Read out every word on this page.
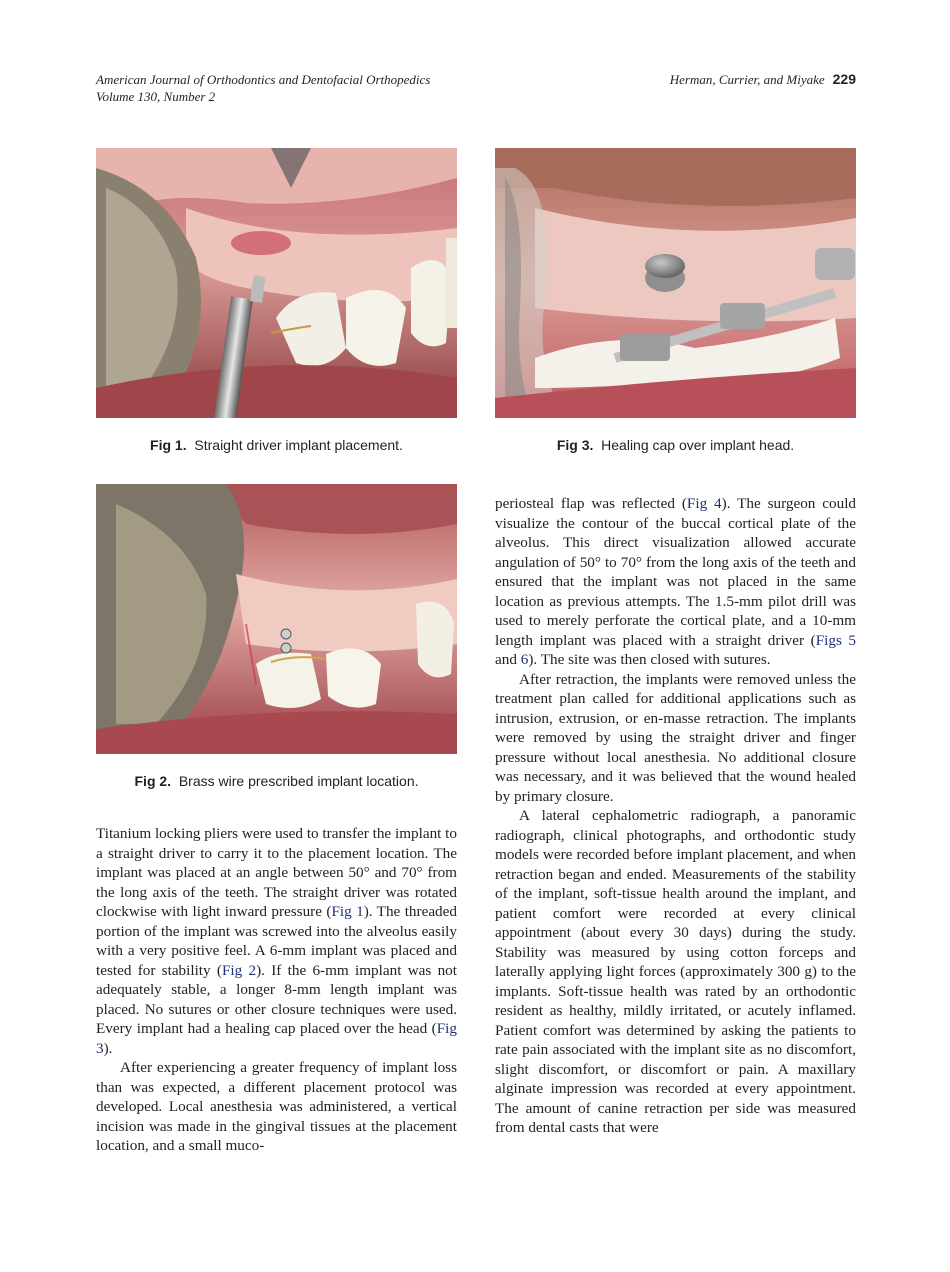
American Journal of Orthodontics and Dentofacial Orthopedics
Volume 130, Number 2
Herman, Currier, and Miyake 229
Fig 1. Straight driver implant placement.	Fig 3. Healing cap over implant head.
Fig 2. Brass wire prescribed implant location.

Titanium locking pliers were used to transfer the implant to a straight driver to carry it to the placement location. The implant was placed at an angle between 50° and 70° from the long axis of the teeth. The straight driver was rotated clockwise with light inward pressure (Fig 1). The threaded portion of the implant was screwed into the alveolus easily with a very positive feel. A 6-mm implant was placed and tested for stability (Fig 2). If the 6-mm implant was not adequately stable, a longer 8-mm length implant was placed. No sutures or other closure techniques were used. Every implant had a healing cap placed over the head (Fig 3).

After experiencing a greater frequency of implant loss than was expected, a different placement protocol was developed. Local anesthesia was administered, a vertical incision was made in the gingival tissues at the placement location, and a small muco-

periosteal flap was reflected (Fig 4). The surgeon could visualize the contour of the buccal cortical plate of the alveolus. This direct visualization allowed accurate angulation of 50° to 70° from the long axis of the teeth and ensured that the implant was not placed in the same location as previous attempts. The 1.5-mm pilot drill was used to merely perforate the cortical plate, and a 10-mm length implant was placed with a straight driver (Figs 5 and 6). The site was then closed with sutures.

After retraction, the implants were removed unless the treatment plan called for additional applications such as intrusion, extrusion, or en-masse retraction. The implants were removed by using the straight driver and finger pressure without local anesthesia. No additional closure was necessary, and it was believed that the wound healed by primary closure.

A lateral cephalometric radiograph, a panoramic radiograph, clinical photographs, and orthodontic study models were recorded before implant placement, and when retraction began and ended. Measurements of the stability of the implant, soft-tissue health around the implant, and patient comfort were recorded at every clinical appointment (about every 30 days) during the study. Stability was measured by using cotton forceps and laterally applying light forces (approximately 300 g) to the implants. Soft-tissue health was rated by an orthodontic resident as healthy, mildly irritated, or acutely inflamed. Patient comfort was determined by asking the patients to rate pain associated with the implant site as no discomfort, slight discomfort, or discomfort or pain. A maxillary alginate impression was recorded at every appointment. The amount of canine retraction per side was measured from dental casts that were
